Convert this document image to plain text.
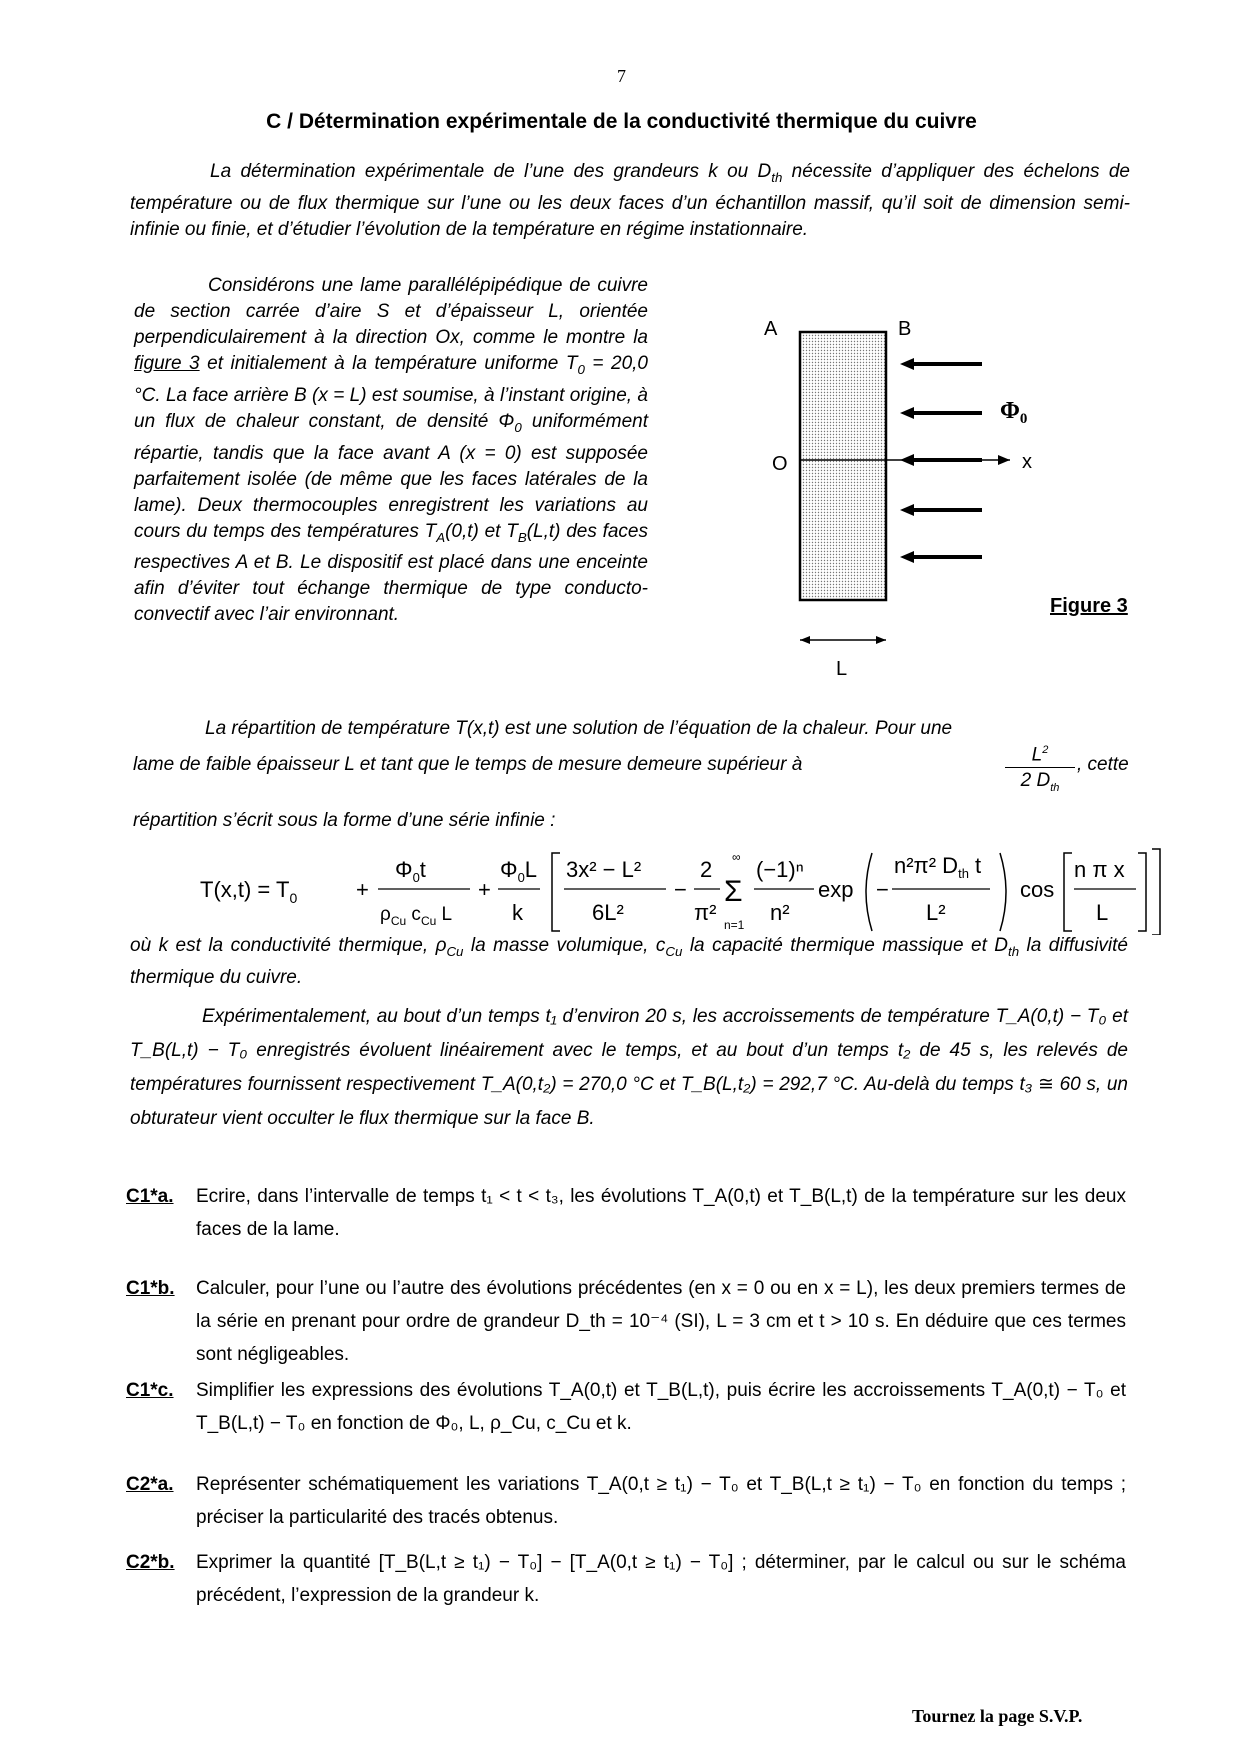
7
C / Détermination expérimentale de la conductivité thermique du cuivre

La détermination expérimentale de l’une des grandeurs k ou $D_{th}$ nécessite d’appliquer des échelons de température ou de flux thermique sur l’une ou les deux faces d’un échantillon massif, qu’il soit de dimension semi-infinie ou finie, et d’étudier l’évolution de la température en régime instationnaire.

Considérons une lame parallélépipédique de cuivre de section carrée d’aire S et d’épaisseur L, orientée perpendiculairement à la direction Ox, comme le montre la figure 3 et initialement à la température uniforme $T_0 = 20,0$ °C. La face arrière B (x = L) est soumise, à l’instant origine, à un flux de chaleur constant, de densité $\Phi_0$ uniformément répartie, tandis que la face avant A (x = 0) est supposée parfaitement isolée (de même que les faces latérales de la lame). Deux thermocouples enregistrent les variations au cours du temps des températures $T_A(0,t)$ et $T_B(L,t)$ des faces respectives A et B. Le dispositif est placé dans une enceinte afin d’éviter tout échange thermique de type conducto-convectif avec l’air environnant.

A	B
O	x
L
$\Phi_0$
Figure 3

La répartition de température T(x,t) est une solution de l’équation de la chaleur. Pour une

lame de faible épaisseur L et tant que le temps de mesure demeure supérieur à	$L^2$
2 $D_{th}$
, cette

répartition s’écrit sous la forme d’une série infinie :

$T(x,t) = T_0$	+
$\Phi_0t$
$\rho_{Cu}$ $c_{Cu}$ L
+
$\Phi_0L$
k
3x² − L²
6L²
−
2
π²
∞
Σ
n=1
(−1)ⁿ
n²
exp −
n²π² $D_{th}$ t
L²
cos
n π x
L

où k est la conductivité thermique, $\rho_{Cu}$ la masse volumique, $c_{Cu}$ la capacité thermique massique et $D_{th}$ la diffusivité thermique du cuivre.

Expérimentalement, au bout d’un temps t₁ d’environ 20 s, les accroissements de température T_A(0,t) − T₀ et T_B(L,t) − T₀ enregistrés évoluent linéairement avec le temps, et au bout d’un temps t₂ de 45 s, les relevés de températures fournissent respectivement T_A(0,t₂) = 270,0 °C et T_B(L,t₂) = 292,7 °C. Au-delà du temps t₃ ≅ 60 s, un obturateur vient occulter le flux thermique sur la face B.

C1*a. Ecrire, dans l’intervalle de temps t₁ < t < t₃, les évolutions T_A(0,t) et T_B(L,t) de la température sur les deux faces de la lame.
C1*b. Calculer, pour l’une ou l’autre des évolutions précédentes (en x = 0 ou en x = L), les deux premiers termes de la série en prenant pour ordre de grandeur D_th = 10⁻⁴ (SI), L = 3 cm et t > 10 s. En déduire que ces termes sont négligeables.
C1*c. Simplifier les expressions des évolutions T_A(0,t) et T_B(L,t), puis écrire les accroissements T_A(0,t) − T₀ et T_B(L,t) − T₀ en fonction de Φ₀, L, ρ_Cu, c_Cu et k.
C2*a. Représenter schématiquement les variations T_A(0,t ≥ t₁) − T₀ et T_B(L,t ≥ t₁) − T₀ en fonction du temps ; préciser la particularité des tracés obtenus.
C2*b. Exprimer la quantité [T_B(L,t ≥ t₁) − T₀] − [T_A(0,t ≥ t₁) − T₀] ; déterminer, par le calcul ou sur le schéma précédent, l’expression de la grandeur k.
Tournez la page S.V.P.
